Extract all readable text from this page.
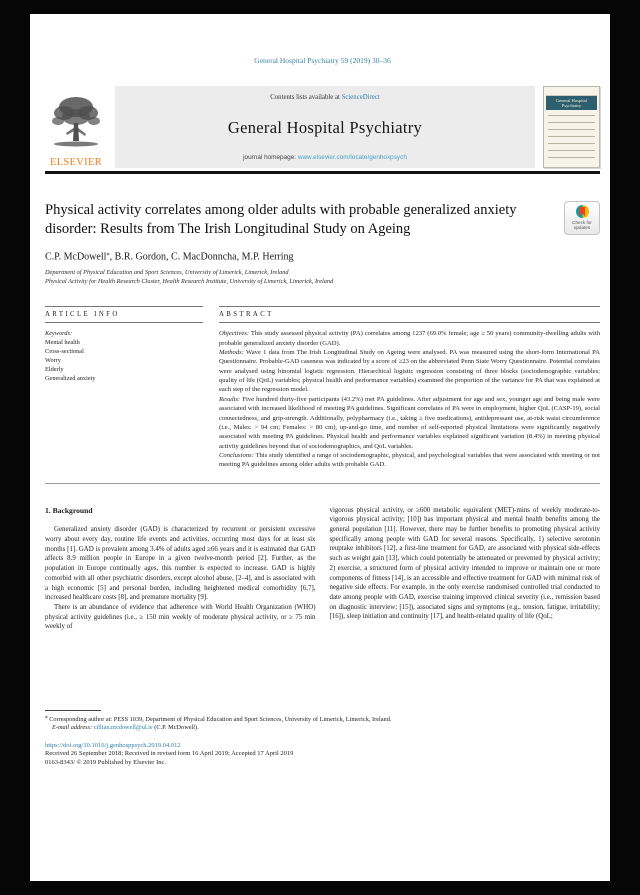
General Hospital Psychiatry 59 (2019) 30–36
ELSEVIER
Contents lists available at ScienceDirect
General Hospital Psychiatry
journal homepage: www.elsevier.com/locate/genhoxpsych
General Hospital Psychiatry
Physical activity correlates among older adults with probable generalized anxiety disorder: Results from The Irish Longitudinal Study on Ageing	Check for updates
C.P. McDowell⁎, B.R. Gordon, C. MacDonncha, M.P. Herring
Department of Physical Education and Sport Sciences, University of Limerick, Limerick, Ireland
Physical Activity for Health Research Cluster, Health Research Institute, University of Limerick, Limerick, Ireland
ARTICLE INFO
Keywords:
Mental health
Cross-sectional
Worry
Elderly
Generalized anxiety
ABSTRACT

Objectives: This study assessed physical activity (PA) correlates among 1237 (69.0% female; age ≥ 50 years) community-dwelling adults with probable generalized anxiety disorder (GAD).

Methods: Wave 1 data from The Irish Longitudinal Study on Ageing were analysed. PA was measured using the short-form International PA Questionnaire. Probable-GAD caseness was indicated by a score of ≥23 on the abbreviated Penn State Worry Questionnaire. Potential correlates were analysed using binomial logistic regression. Hierarchical logistic regression consisting of three blocks (sociodemographic variables; quality of life (QoL) variables; physical health and performance variables) examined the proportion of the variance for PA that was explained at each step of the regression model.

Results: Five hundred thirty-five participants (43.2%) met PA guidelines. After adjustment for age and sex, younger age and being male were associated with increased likelihood of meeting PA guidelines. Significant correlates of PA were in employment, higher QoL (CASP-19), social connectedness, and grip-strength. Additionally, polypharmacy (i.e., taking ≥ five medications), antidepressant use, at-risk waist circumference (i.e., Males: > 94 cm; Females: > 80 cm), up-and-go time, and number of self-reported physical limitations were significantly negatively associated with meeting PA guidelines. Physical health and performance variables explained significant variation (8.4%) in meeting physical activity guidelines beyond that of sociodemographics, and QoL variables.

Conclusions: This study identified a range of sociodemographic, physical, and psychological variables that were associated with meeting or not meeting PA guidelines among older adults with probable GAD.

1. Background

Generalized anxiety disorder (GAD) is characterized by recurrent or persistent excessive worry about every day, routine life events and activities, occurring most days for at least six months [1]. GAD is prevalent among 3.4% of adults aged ≥66 years and it is estimated that GAD affects 8.9 million people in Europe in a given twelve-month period [2]. Further, as the population in Europe continually ages, this number is expected to increase. GAD is highly comorbid with all other psychiatric disorders, except alcohol abuse, [2–4], and is associated with a high economic [5] and personal burden, including heightened medical comorbidity [6,7], increased healthcare costs [8], and premature mortality [9].

There is an abundance of evidence that adherence with World Health Organization (WHO) physical activity guidelines (i.e., ≥ 150 min weekly of moderate physical activity, or ≥ 75 min weekly of

vigorous physical activity, or ≥600 metabolic equivalent (MET)-mins of weekly moderate-to-vigorous physical activity; [10]) has important physical and mental health benefits among the general population [11]. However, there may be further benefits to promoting physical activity specifically among people with GAD for several reasons. Specifically, 1) selective serotonin reuptake inhibitors [12], a first-line treatment for GAD, are associated with physical side-effects such as weight gain [13], which could potentially be attenuated or prevented by physical activity; 2) exercise, a structured form of physical activity intended to improve or maintain one or more components of fitness [14], is an accessible and effective treatment for GAD with minimal risk of negative side effects. For example, in the only exercise randomised controlled trial conducted to date among people with GAD, exercise training improved clinical severity (i.e., remission based on diagnostic interview; [15]), associated signs and symptoms (e.g., tension, fatigue, irritability; [16]), sleep initiation and continuity [17], and health-related quality of life (QoL;

⁎ Corresponding author at: PESS 1039, Department of Physical Education and Sport Sciences, University of Limerick, Limerick, Ireland.
E-mail address: cillian.mcdowell@ul.ie (C.P. McDowell).
https://doi.org/10.1016/j.genhosppsych.2019.04.012
Received 26 September 2018; Received in revised form 16 April 2019; Accepted 17 April 2019
0163-8343/ © 2019 Published by Elsevier Inc.
